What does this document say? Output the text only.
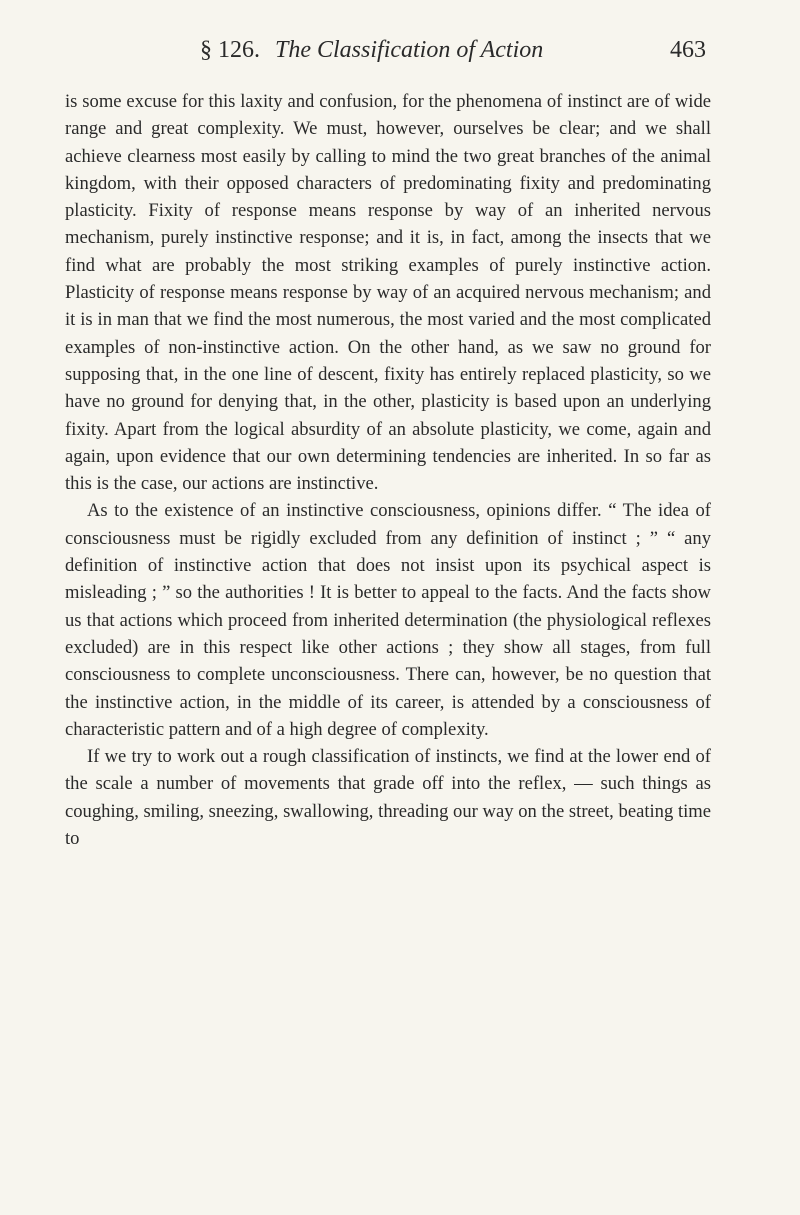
§ 126. The Classification of Action	463

is some excuse for this laxity and confusion, for the phenomena of instinct are of wide range and great complexity. We must, however, ourselves be clear; and we shall achieve clearness most easily by calling to mind the two great branches of the animal kingdom, with their opposed characters of predominating fixity and predominating plasticity. Fixity of response means response by way of an inherited nervous mechanism, purely instinctive response; and it is, in fact, among the insects that we find what are probably the most striking examples of purely instinctive action. Plasticity of response means response by way of an acquired nervous mechanism; and it is in man that we find the most numerous, the most varied and the most complicated examples of non-instinctive action. On the other hand, as we saw no ground for supposing that, in the one line of descent, fixity has entirely replaced plasticity, so we have no ground for denying that, in the other, plasticity is based upon an underlying fixity. Apart from the logical absurdity of an absolute plasticity, we come, again and again, upon evidence that our own determining tendencies are inherited. In so far as this is the case, our actions are instinctive.

As to the existence of an instinctive consciousness, opinions differ. “ The idea of consciousness must be rigidly excluded from any definition of instinct ; ” “ any definition of instinctive action that does not insist upon its psychical aspect is misleading ; ” so the authorities ! It is better to appeal to the facts. And the facts show us that actions which proceed from inherited determination (the physiological reflexes excluded) are in this respect like other actions ; they show all stages, from full consciousness to complete unconsciousness. There can, however, be no question that the instinctive action, in the middle of its career, is attended by a consciousness of characteristic pattern and of a high degree of complexity.

If we try to work out a rough classification of instincts, we find at the lower end of the scale a number of movements that grade off into the reflex, — such things as coughing, smiling, sneezing, swallowing, threading our way on the street, beating time to
